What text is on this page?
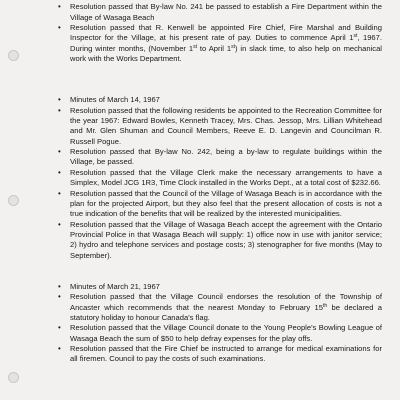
•
• Resolution passed that By-law No. 241 be passed to establish a Fire Department within the Village of Wasaga Beach
• Resolution passed that R. Kenwell be appointed Fire Chief, Fire Marshal and Building Inspector for the Village, at his present rate of pay. Duties to commence April 1st, 1967. During winter months, (November 1st to April 1st) in slack time, to also help on mechanical work with the Works Department.
• Minutes of March 14, 1967
• Resolution passed that the following residents be appointed to the Recreation Committee for the year 1967: Edward Bowles, Kenneth Tracey, Mrs. Chas. Jessop, Mrs. Lillian Whitehead and Mr. Glen Shuman and Council Members, Reeve E. D. Langevin and Councilman R. Russell Pogue.
• Resolution passed that By-law No. 242, being a by-law to regulate buildings within the Village, be passed.
• Resolution passed that the Village Clerk make the necessary arrangements to have a Simplex, Model JCG 1R3, Time Clock installed in the Works Dept., at a total cost of $232.66.
• Resolution passed that the Council of the Village of Wasaga Beach is in accordance with the plan for the projected Airport, but they also feel that the present allocation of costs is not a true indication of the benefits that will be realized by the interested municipalities.
• Resolution passed that the Village of Wasaga Beach accept the agreement with the Ontario Provincial Police in that Wasaga Beach will supply: 1) office now in use with janitor service; 2) hydro and telephone services and postage costs; 3) stenographer for five months (May to September).
• Minutes of March 21, 1967
• Resolution passed that the Village Council endorses the resolution of the Township of Ancaster which recommends that the nearest Monday to February 15th be declared a statutory holiday to honour Canada's flag.
• Resolution passed that the Village Council donate to the Young People's Bowling League of Wasaga Beach the sum of $50 to help defray expenses for the play offs.
• Resolution passed that the Fire Chief be instructed to arrange for medical examinations for all firemen. Council to pay the costs of such examinations.
